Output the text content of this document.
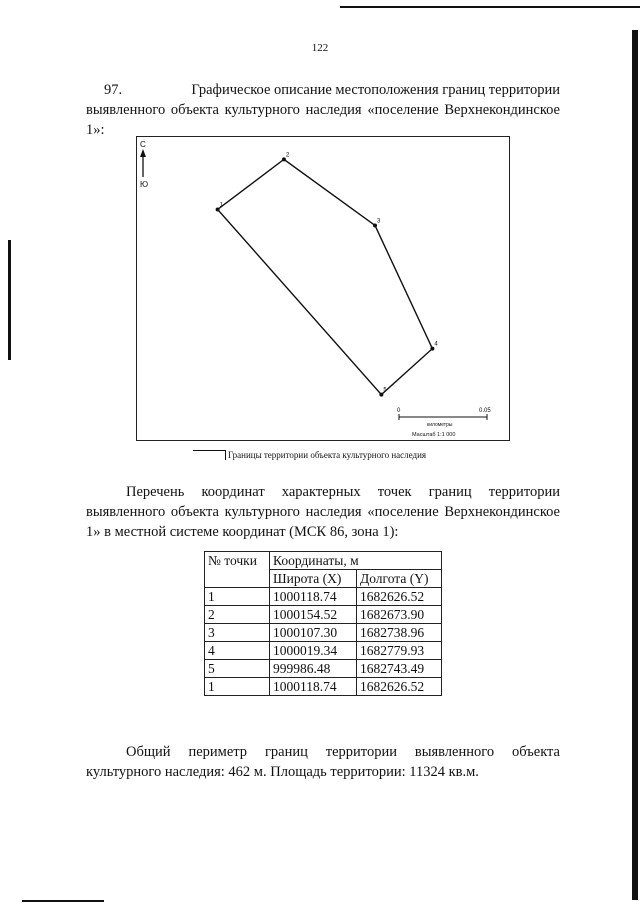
122
97.	Графическое описание местоположения границ территории
выявленного объекта культурного наследия «поселение Верхнекондинское
1»:
С
Ю
1
2
3
4
5
0	0.05
километры
Масштаб 1:1 000
Границы территории объекта культурного наследия
Перечень координат характерных точек границ территории
выявленного объекта культурного наследия «поселение Верхнекондинское
1» в местной системе координат (МСК 86, зона 1):
№ точки	Координаты, м	
	Широта (X)	Долгота (Y)
1	1000118.74	1682626.52
2	1000154.52	1682673.90
3	1000107.30	1682738.96
4	1000019.34	1682779.93
5	999986.48	1682743.49
1	1000118.74	1682626.52
Общий периметр границ территории выявленного объекта
культурного наследия: 462 м. Площадь территории: 11324 кв.м.
